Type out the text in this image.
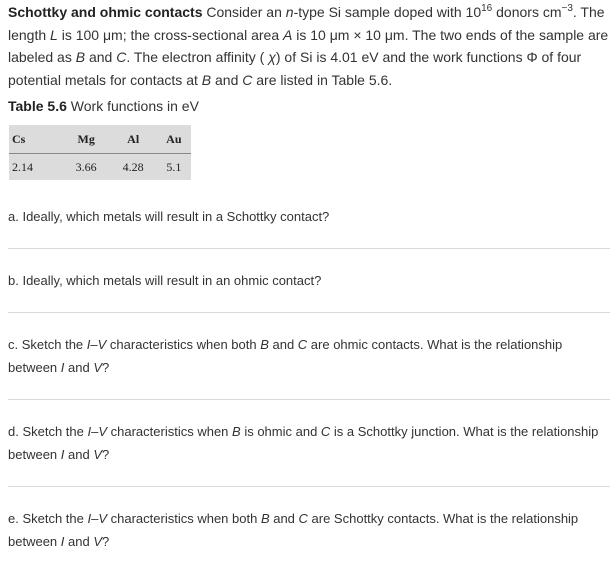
Schottky and ohmic contacts Consider an n-type Si sample doped with $10^{16}$ donors $cm^{-3}$. The length L is 100 μm; the cross-sectional area A is 10 μm × 10 μm. The two ends of the sample are labeled as B and C. The electron affinity ( χ) of Si is 4.01 eV and the work functions Φ of four potential metals for contacts at B and C are listed in Table 5.6.

Table 5.6 Work functions in eV
Cs	Mg	Al	Au
2.14	3.66	4.28	5.1
a. Ideally, which metals will result in a Schottky contact?
b. Ideally, which metals will result in an ohmic contact?
c. Sketch the I–V characteristics when both B and C are ohmic contacts. What is the relationship between I and V?
d. Sketch the I–V characteristics when B is ohmic and C is a Schottky junction. What is the relationship between I and V?
e. Sketch the I–V characteristics when both B and C are Schottky contacts. What is the relationship between I and V?
